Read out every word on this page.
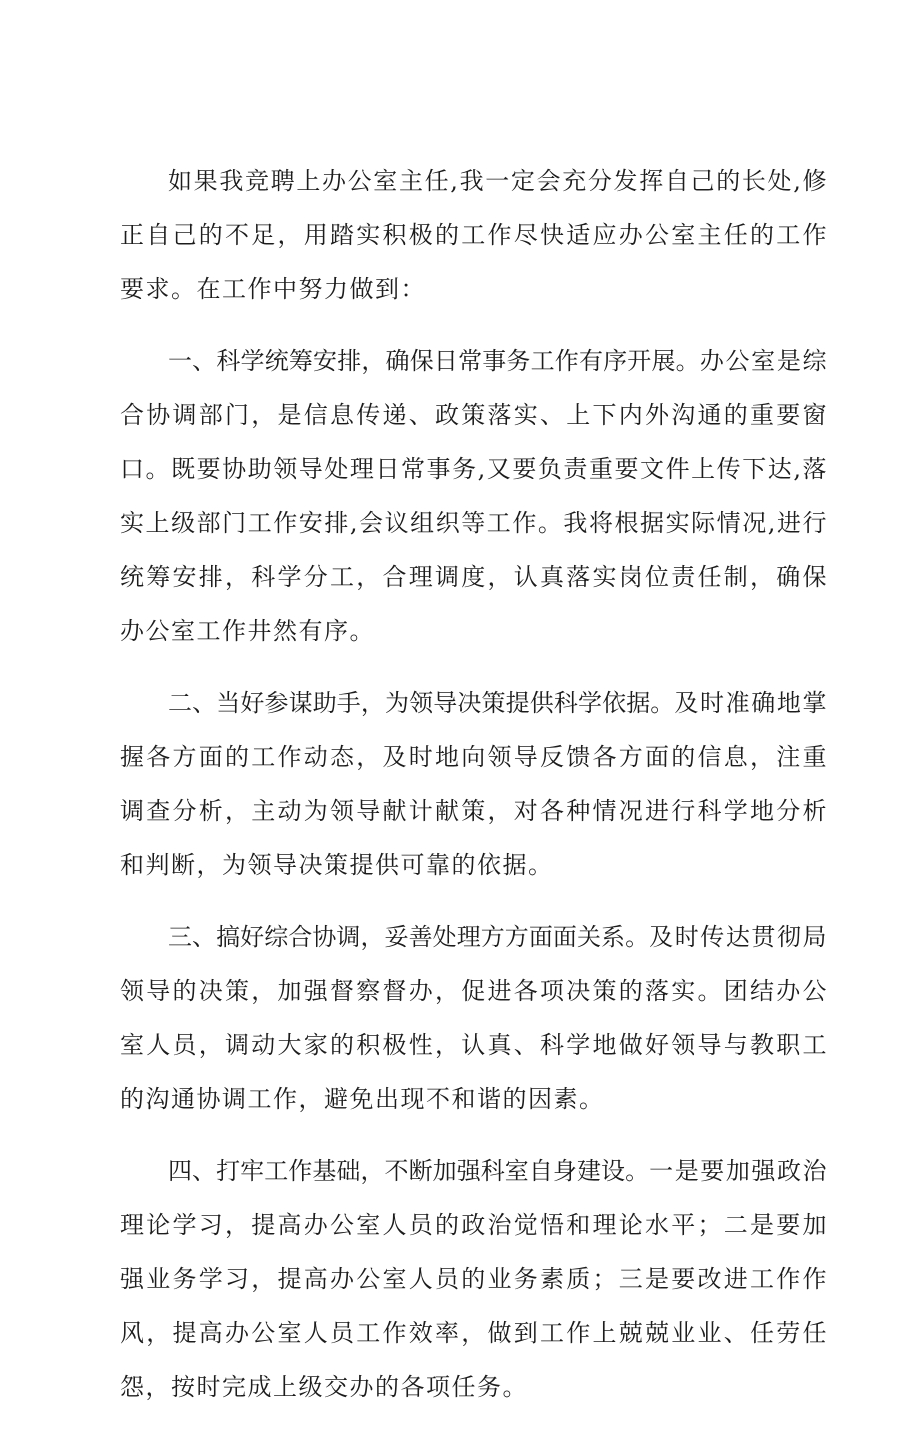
如果我竞聘上办公室主任,我一定会充分发挥自己的长处,修正自己的不足，用踏实积极的工作尽快适应办公室主任的工作要求。在工作中努力做到：

一、科学统筹安排，确保日常事务工作有序开展。办公室是综合协调部门，是信息传递、政策落实、上下内外沟通的重要窗口。既要协助领导处理日常事务,又要负责重要文件上传下达,落实上级部门工作安排,会议组织等工作。我将根据实际情况,进行统筹安排，科学分工，合理调度，认真落实岗位责任制，确保办公室工作井然有序。

二、当好参谋助手，为领导决策提供科学依据。及时准确地掌握各方面的工作动态，及时地向领导反馈各方面的信息，注重调查分析，主动为领导献计献策，对各种情况进行科学地分析和判断，为领导决策提供可靠的依据。

三、搞好综合协调，妥善处理方方面面关系。及时传达贯彻局领导的决策，加强督察督办，促进各项决策的落实。团结办公室人员，调动大家的积极性，认真、科学地做好领导与教职工的沟通协调工作，避免出现不和谐的因素。

四、打牢工作基础，不断加强科室自身建设。一是要加强政治理论学习，提高办公室人员的政治觉悟和理论水平；二是要加强业务学习，提高办公室人员的业务素质；三是要改进工作作风，提高办公室人员工作效率，做到工作上兢兢业业、任劳任怨，按时完成上级交办的各项任务。
